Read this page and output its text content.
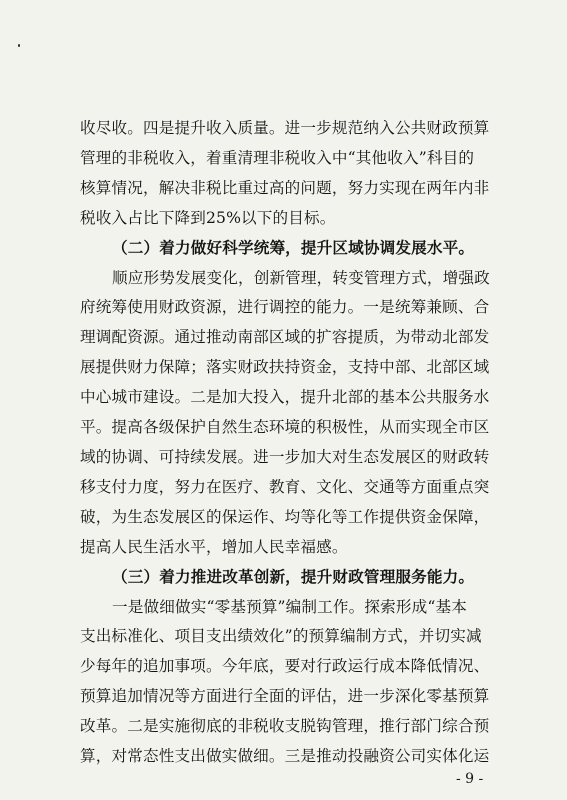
收尽收。四是提升收入质量。进一步规范纳入公共财政预算
管理的非税收入，着重清理非税收入中“其他收入”科目的
核算情况，解决非税比重过高的问题，努力实现在两年内非
税收入占比下降到25%以下的目标。
（二）着力做好科学统筹，提升区域协调发展水平。
顺应形势发展变化，创新管理，转变管理方式，增强政
府统筹使用财政资源，进行调控的能力。一是统筹兼顾、合
理调配资源。通过推动南部区域的扩容提质，为带动北部发
展提供财力保障；落实财政扶持资金，支持中部、北部区域
中心城市建设。二是加大投入，提升北部的基本公共服务水
平。提高各级保护自然生态环境的积极性，从而实现全市区
域的协调、可持续发展。进一步加大对生态发展区的财政转
移支付力度，努力在医疗、教育、文化、交通等方面重点突
破，为生态发展区的保运作、均等化等工作提供资金保障，
提高人民生活水平，增加人民幸福感。
（三）着力推进改革创新，提升财政管理服务能力。
一是做细做实“零基预算”编制工作。探索形成“基本
支出标准化、项目支出绩效化”的预算编制方式，并切实减
少每年的追加事项。今年底，要对行政运行成本降低情况、
预算追加情况等方面进行全面的评估，进一步深化零基预算
改革。二是实施彻底的非税收支脱钩管理，推行部门综合预
算，对常态性支出做实做细。三是推动投融资公司实体化运
- 9 -
